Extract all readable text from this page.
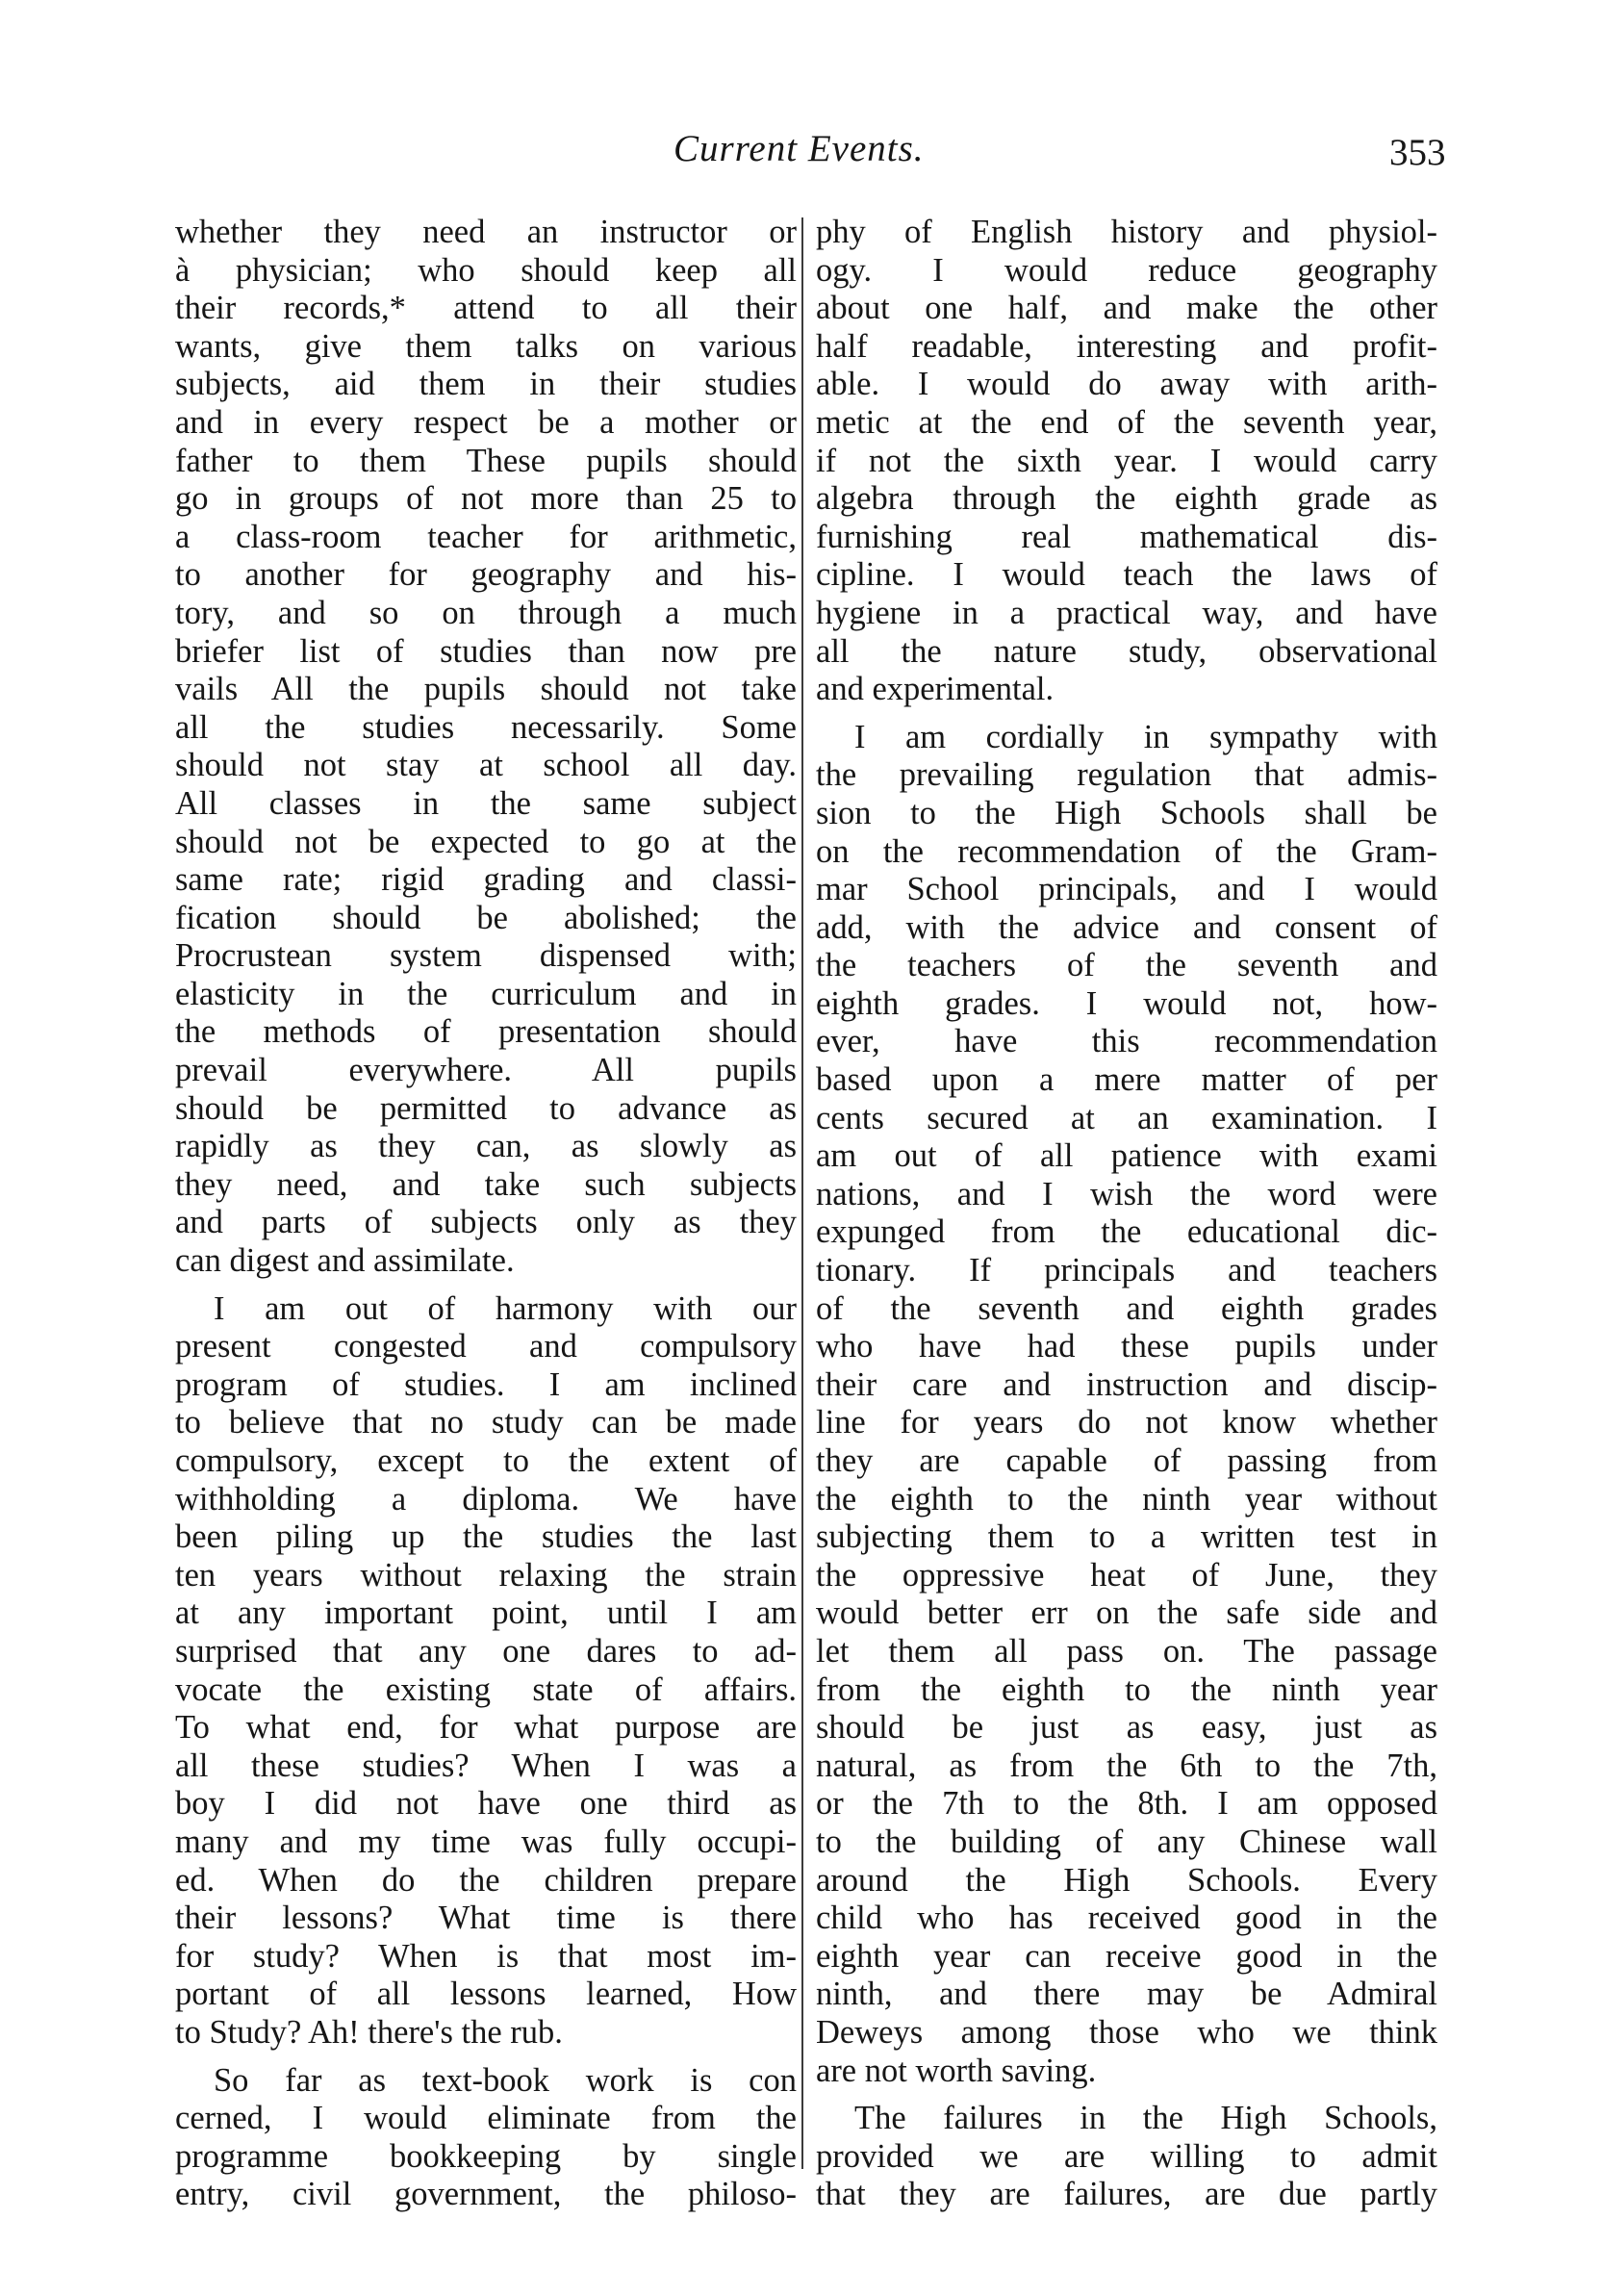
Current Events.	353
whether they need an instructor or
à physician; who should keep all
their records,* attend to all their
wants, give them talks on various
subjects, aid them in their studies
and in every respect be a mother or
father to them These pupils should
go in groups of not more than 25 to
a class-room teacher for arithmetic,
to another for geography and his-
tory, and so on through a much
briefer list of studies than now pre
vails All the pupils should not take
all the studies necessarily. Some
should not stay at school all day.
All classes in the same subject
should not be expected to go at the
same rate; rigid grading and classi-
fication should be abolished; the
Procrustean system dispensed with;
elasticity in the curriculum and in
the methods of presentation should
prevail everywhere. All pupils
should be permitted to advance as
rapidly as they can, as slowly as
they need, and take such subjects
and parts of subjects only as they
can digest and assimilate.
I am out of harmony with our
present congested and compulsory
program of studies. I am inclined
to believe that no study can be made
compulsory, except to the extent of
withholding a diploma. We have
been piling up the studies the last
ten years without relaxing the strain
at any important point, until I am
surprised that any one dares to ad-
vocate the existing state of affairs.
To what end, for what purpose are
all these studies? When I was a
boy I did not have one third as
many and my time was fully occupi-
ed. When do the children prepare
their lessons? What time is there
for study? When is that most im-
portant of all lessons learned, How
to Study? Ah! there's the rub.
So far as text-book work is con
cerned, I would eliminate from the
programme bookkeeping by single
entry, civil government, the philoso-
phy of English history and physiol-
ogy. I would reduce geography
about one half, and make the other
half readable, interesting and profit-
able. I would do away with arith-
metic at the end of the seventh year,
if not the sixth year. I would carry
algebra through the eighth grade as
furnishing real mathematical dis-
cipline. I would teach the laws of
hygiene in a practical way, and have
all the nature study, observational
and experimental.
I am cordially in sympathy with
the prevailing regulation that admis-
sion to the High Schools shall be
on the recommendation of the Gram-
mar School principals, and I would
add, with the advice and consent of
the teachers of the seventh and
eighth grades. I would not, how-
ever, have this recommendation
based upon a mere matter of per
cents secured at an examination. I
am out of all patience with exami
nations, and I wish the word were
expunged from the educational dic-
tionary. If principals and teachers
of the seventh and eighth grades
who have had these pupils under
their care and instruction and discip-
line for years do not know whether
they are capable of passing from
the eighth to the ninth year without
subjecting them to a written test in
the oppressive heat of June, they
would better err on the safe side and
let them all pass on. The passage
from the eighth to the ninth year
should be just as easy, just as
natural, as from the 6th to the 7th,
or the 7th to the 8th. I am opposed
to the building of any Chinese wall
around the High Schools. Every
child who has received good in the
eighth year can receive good in the
ninth, and there may be Admiral
Deweys among those who we think
are not worth saving.
The failures in the High Schools,
provided we are willing to admit
that they are failures, are due partly
